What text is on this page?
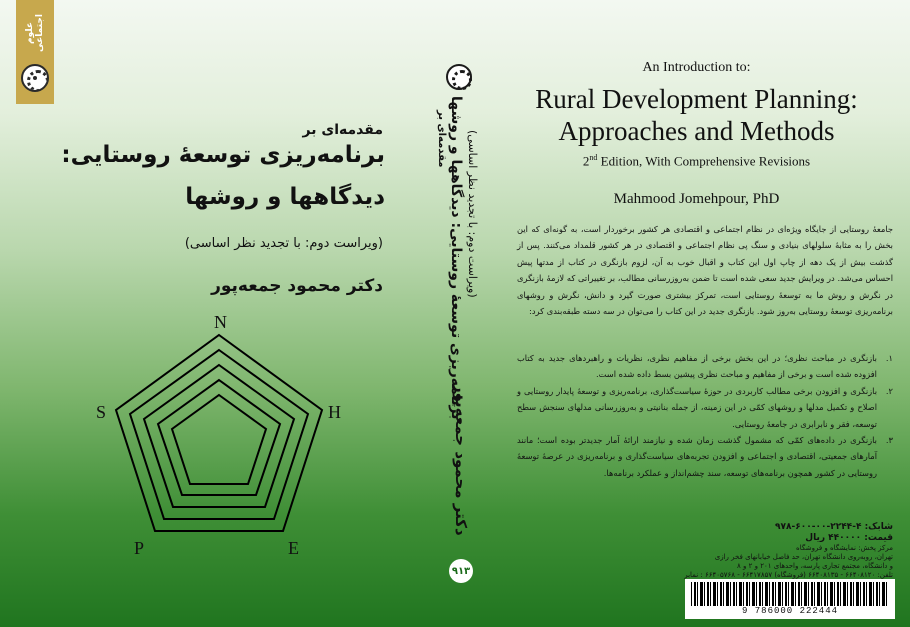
علوم اجتماعی
مقدمه‌ای بر
برنامه‌ریزی توسعهٔ روستایی:
دیدگاهها و روشها
(ویراست دوم: با تجدید نظر اساسی)
دکتر محمود جمعه‌پور
N
H
E
P
S
مقدمه‌ای بر برنامه‌ریزی توسعهٔ روستایی: دیدگاهها و روشها (ویراست دوم: با تجدید نظر اساسی)
دکتر محمود جمعه‌پور
۹۱۳
An Introduction to:
Rural Development Planning:
Approaches and Methods
2nd Edition, With Comprehensive Revisions
Mahmood Jomehpour, PhD
جامعهٔ روستایی از جایگاه ویژه‌ای در نظام اجتماعی و اقتصادی هر کشور برخوردار است، به گونه‌ای که این بخش را به مثابهٔ سلولهای بنیادی و سنگ پی نظام اجتماعی و اقتصادی در هر کشور قلمداد می‌کنند. پس از گذشت بیش از یک دهه از چاپ اول این کتاب و اقبال خوب به آن، لزوم بازنگری در کتاب از مدتها پیش احساس می‌شد. در ویرایش جدید سعی شده است تا ضمن به‌روزرسانی مطالب، بر تغییراتی که لازمهٔ بازنگری در نگرش و روش ما به توسعهٔ روستایی است، تمرکز بیشتری صورت گیرد و دانش، نگرش و روشهای برنامه‌ریزی توسعهٔ روستایی به‌روز شود. بازنگری جدید در این کتاب را می‌توان در سه دسته طبقه‌بندی کرد:
۱.
بازنگری در مباحث نظری؛ در این بخش برخی از مفاهیم نظری، نظریات و راهبردهای جدید به کتاب افزوده شده است و برخی از مفاهیم و مباحث نظری پیشین بسط داده شده است.
۲.
بازنگری و افزودن برخی مطالب کاربردی در حوزهٔ سیاست‌گذاری، برنامه‌ریزی و توسعهٔ پایدار روستایی و اصلاح و تکمیل مدلها و روشهای کمّی در این زمینه، از جمله بنانیتی و به‌روزرسانی مدلهای سنجش سطح توسعه، فقر و نابرابری در جامعهٔ روستایی.
۳.
بازنگری در داده‌های کمّی که مشمول گذشت زمان شده و نیازمند ارائهٔ آمار جدیدتر بوده است؛ مانند آمارهای جمعیتی، اقتصادی و اجتماعی و افزودن تجربه‌های سیاست‌گذاری و برنامه‌ریزی در عرصهٔ توسعهٔ روستایی در کشور همچون برنامه‌های توسعه، سند چشم‌انداز و عملکرد برنامه‌ها.
شابک: ۴-۲۲۴۴-۰۰-۶۰۰-۹۷۸
قیمت: ۴۴۰۰۰۰ ریال
مرکز پخش: نمایشگاه و فروشگاه
تهران، روبه‌روی دانشگاه تهران، حد فاصل خیابانهای فخر رازی
و دانشگاه، مجتمع تجاری پارسه، واحدهای ۲۰۱ و ۲ و ۸
تلفن: ۶۶۴۰۸۱۲۰ - ۶۶۴۰۸۱۳۵ (فروشگاه) ۶۶۴۱۷۸۵۷ - ۶۶۴۰۵۷۶۸ : نمابر
9 786000 222444
